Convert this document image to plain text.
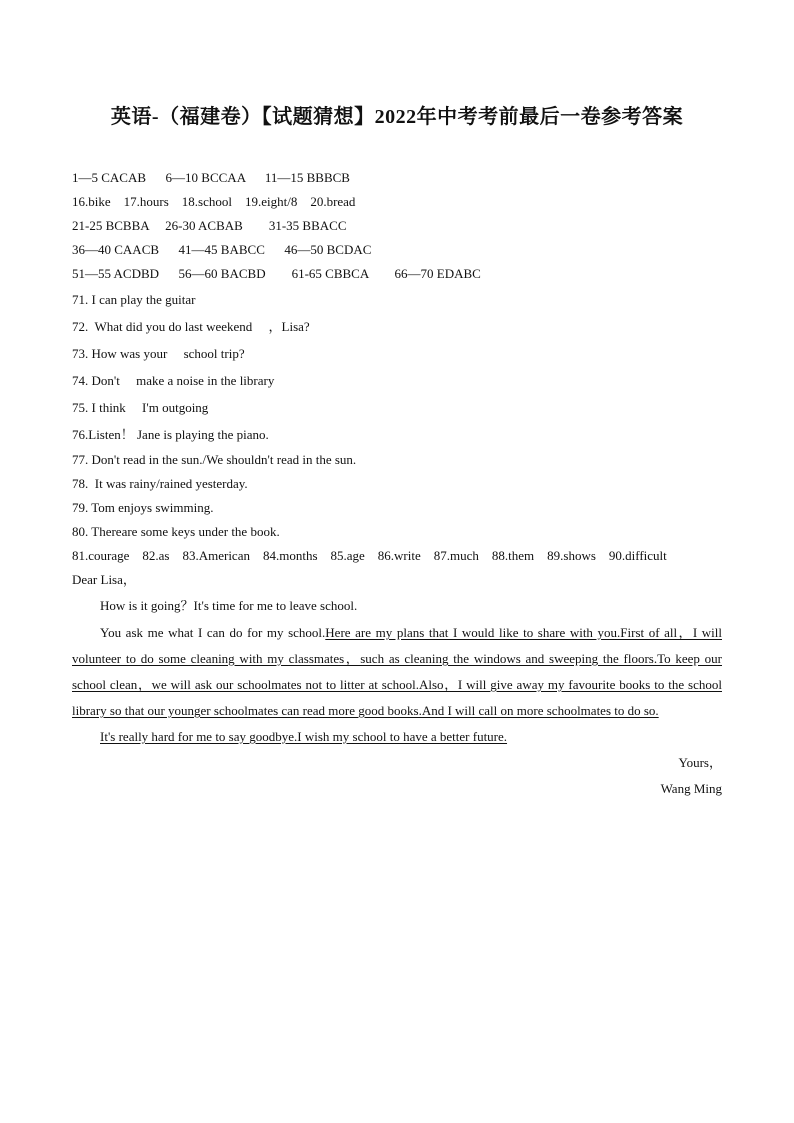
英语-（福建卷）【试题猜想】2022年中考考前最后一卷参考答案
1—5 CACAB      6—10 BCCAA      11—15 BBBCB
16.bike    17.hours    18.school    19.eight/8    20.bread
21-25 BCBBA     26-30 ACBAB        31-35 BBACC
36—40 CAACB      41—45 BABCC      46—50 BCDAC
51—55 ACDBD      56—60 BACBD        61-65 CBBCA        66—70 EDABC
71. I can play the guitar
72.  What did you do last weekend     ，Lisa?
73. How was your     school trip?
74. Don't     make a noise in the library
75. I think     I'm outgoing
76.Listen！ Jane is playing the piano.
77. Don't read in the sun./We shouldn't read in the sun.
78.  It was rainy/rained yesterday.
79. Tom enjoys swimming.
80. Thereare some keys under the book.
81.courage    82.as    83.American    84.months    85.age    86.write    87.much    88.them    89.shows    90.difficult
Dear Lisa，

How is it going？It's time for me to leave school.

You ask me what I can do for my school.Here are my plans that I would like to share with you.First of all，I will volunteer to do some cleaning with my classmates，such as cleaning the windows and sweeping the floors.To keep our school clean，we will ask our schoolmates not to litter at school.Also，I will give away my favourite books to the school library so that our younger schoolmates can read more good books.And I will call on more schoolmates to do so.

It's really hard for me to say goodbye.I wish my school to have a better future.

Yours，
Wang Ming
